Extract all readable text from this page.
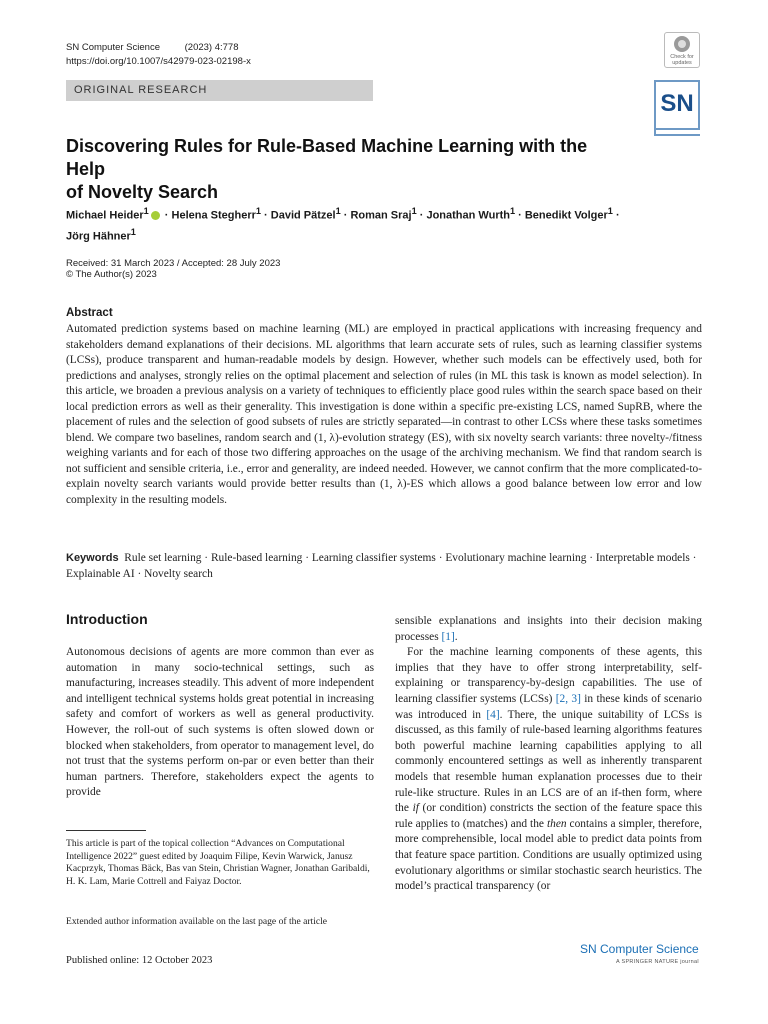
SN Computer Science	(2023) 4:778
https://doi.org/10.1007/s42979-023-02198-x
ORIGINAL RESEARCH
Check for updates
SN
Discovering Rules for Rule-Based Machine Learning with the Help
of Novelty Search
Michael Heider$^1$ · Helena Stegherr$^1$ · David Pätzel$^1$ · Roman Sraj$^1$ · Jonathan Wurth$^1$ · Benedikt Volger$^1$ ·
Jörg Hähner$^1$
Received: 31 March 2023 / Accepted: 28 July 2023
© The Author(s) 2023
Abstract
Automated prediction systems based on machine learning (ML) are employed in practical applications with increasing frequency and stakeholders demand explanations of their decisions. ML algorithms that learn accurate sets of rules, such as learning classifier systems (LCSs), produce transparent and human-readable models by design. However, whether such models can be effectively used, both for predictions and analyses, strongly relies on the optimal placement and selection of rules (in ML this task is known as model selection). In this article, we broaden a previous analysis on a variety of techniques to efficiently place good rules within the search space based on their local prediction errors as well as their generality. This investigation is done within a specific pre-existing LCS, named SupRB, where the placement of rules and the selection of good subsets of rules are strictly separated—in contrast to other LCSs where these tasks sometimes blend. We compare two baselines, random search and (1, λ)-evolution strategy (ES), with six novelty search variants: three novelty-/fitness weighing variants and for each of those two differing approaches on the usage of the archiving mechanism. We find that random search is not sufficient and sensible criteria, i.e., error and generality, are indeed needed. However, we cannot confirm that the more complicated-to-explain novelty search variants would provide better results than (1, λ)-ES which allows a good balance between low error and low complexity in the resulting models.
Keywords Rule set learning · Rule-based learning · Learning classifier systems · Evolutionary machine learning · Interpretable models · Explainable AI · Novelty search
Introduction

Autonomous decisions of agents are more common than ever as automation in many socio-technical settings, such as manufacturing, increases steadily. This advent of more independent and intelligent technical systems holds great potential in increasing safety and comfort of workers as well as general productivity. However, the roll-out of such systems is often slowed down or blocked when stakeholders, from operator to management level, do not trust that the systems perform on-par or even better than their human partners. Therefore, stakeholders expect the agents to provide

sensible explanations and insights into their decision making processes [1].

For the machine learning components of these agents, this implies that they have to offer strong interpretability, self-explaining or transparency-by-design capabilities. The use of learning classifier systems (LCSs) [2, 3] in these kinds of scenario was introduced in [4]. There, the unique suitability of LCSs is discussed, as this family of rule-based learning algorithms features both powerful machine learning capabilities applying to all commonly encountered settings as well as inherently transparent models that resemble human explanation processes due to their rule-like structure. Rules in an LCS are of an if-then form, where the if (or condition) constricts the section of the feature space this rule applies to (matches) and the then contains a simpler, therefore, more comprehensible, local model able to predict data points from that feature space partition. Conditions are usually optimized using evolutionary algorithms or similar stochastic search heuristics. The model’s practical transparency (or

This article is part of the topical collection “Advances on Computational Intelligence 2022” guest edited by Joaquim Filipe, Kevin Warwick, Janusz Kacprzyk, Thomas Bäck, Bas van Stein, Christian Wagner, Jonathan Garibaldi, H. K. Lam, Marie Cottrell and Faiyaz Doctor.
Extended author information available on the last page of the article
Published online: 12 October 2023
SN Computer Science
A SPRINGER NATURE journal
